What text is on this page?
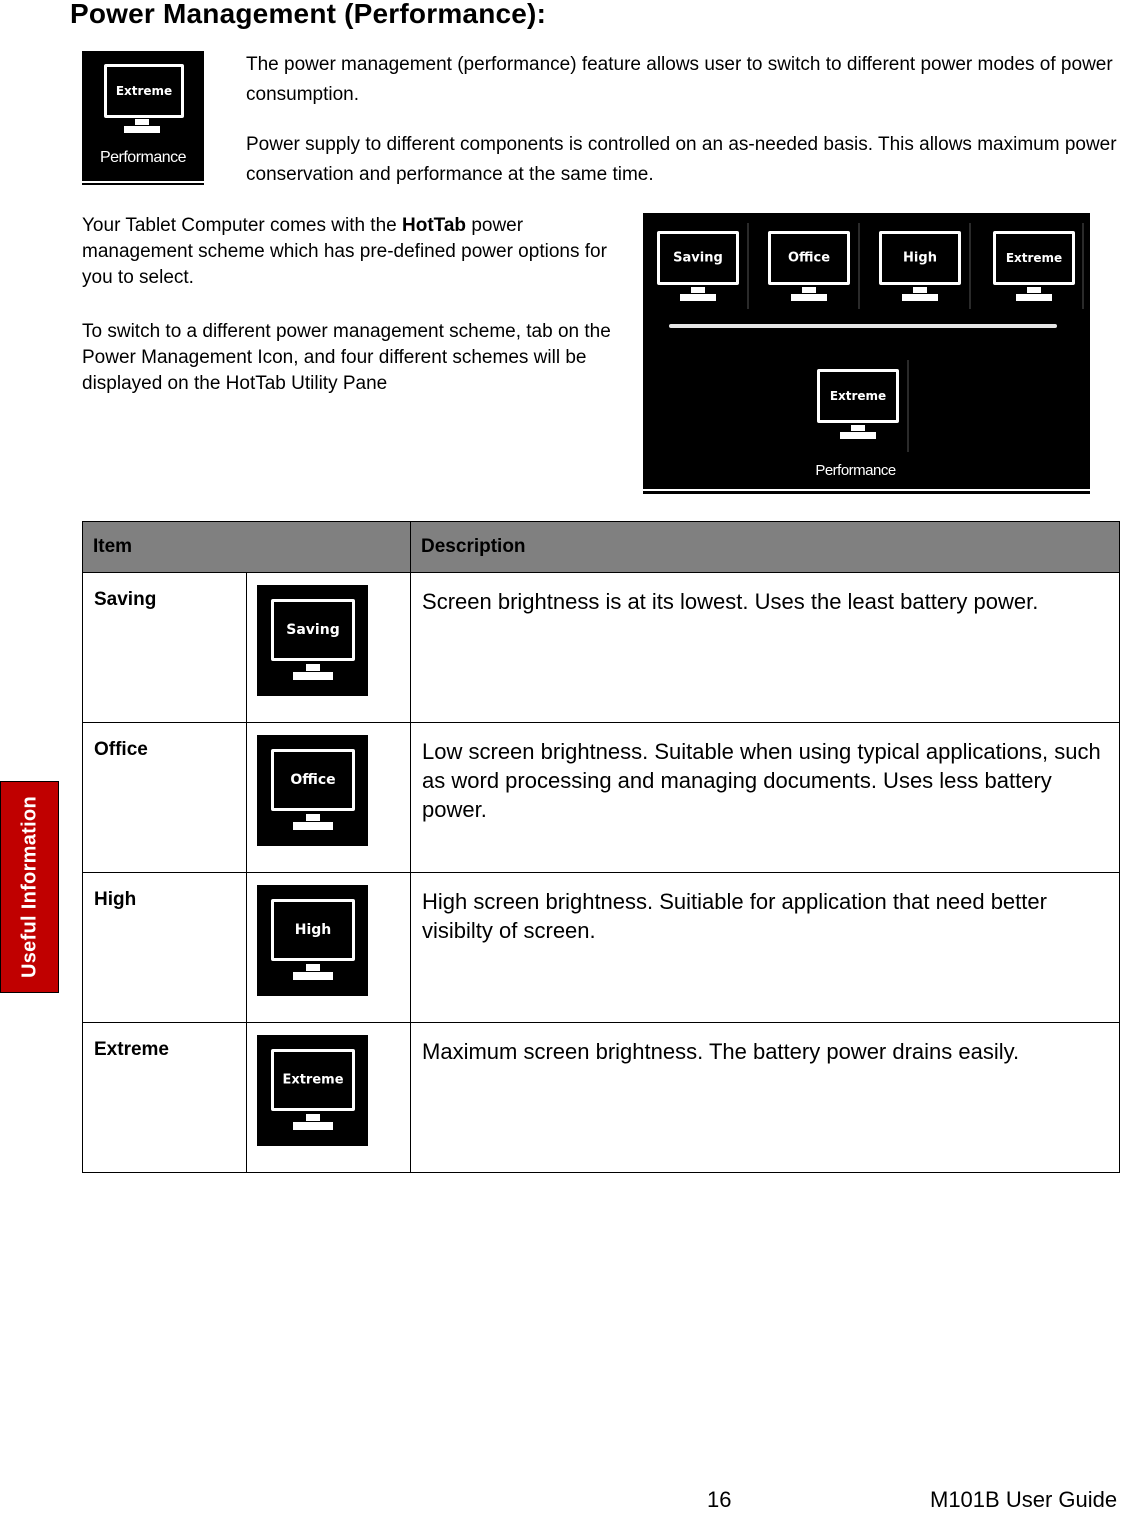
Power Management (Performance):
Useful Information
Extreme
Performance

The power management (performance) feature allows user to switch to different power modes of power consumption.

Power supply to different components is controlled on an as-needed basis. This allows maximum power conservation and performance at the same time.

Your Tablet Computer comes with the HotTab power management scheme which has pre-defined power options for you to select.

To switch to a different power management scheme, tab on the Power Management Icon, and four different schemes will be displayed on the HotTab Utility Pane

Saving	Office	High	Extreme
Extreme
Performance
Item		Description
Saving	Saving	Screen brightness is at its lowest. Uses the least battery power.
Office	Office	Low screen brightness. Suitable when using typical applications, such as word processing and managing documents. Uses less battery power.
High	High	High screen brightness. Suitiable for application that need better visibilty of screen.
Extreme	Extreme	Maximum screen brightness. The battery power drains easily.
16	M101B User Guide
